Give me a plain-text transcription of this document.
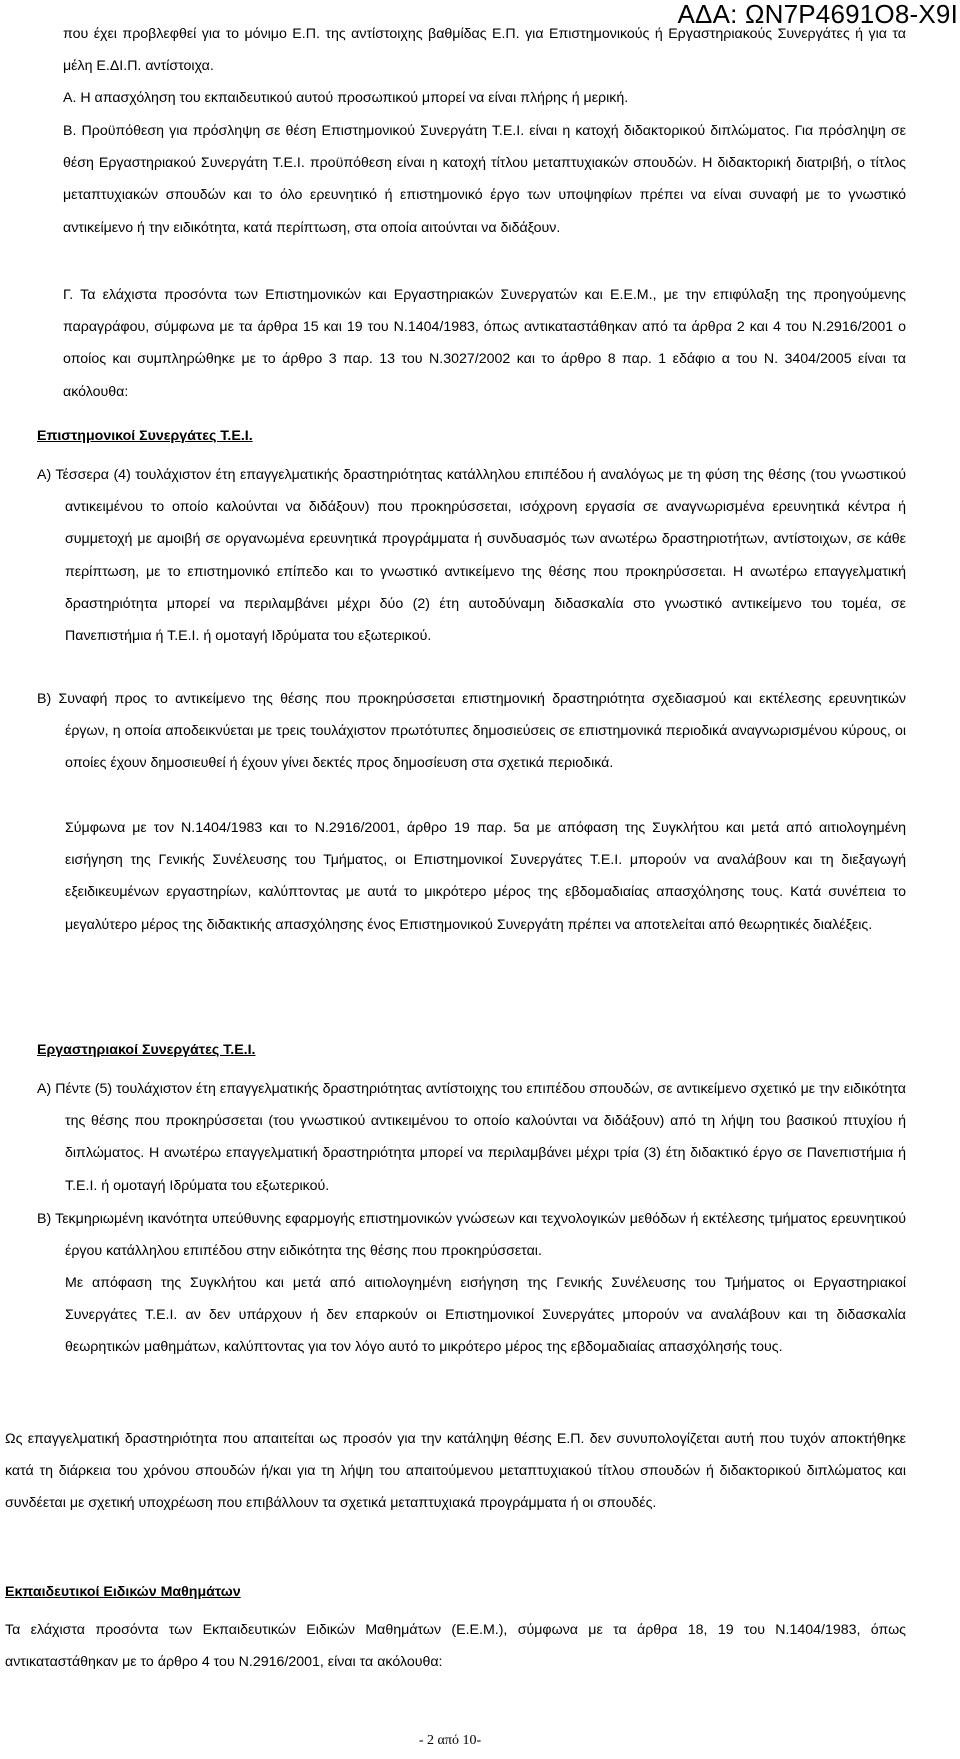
ΑΔΑ: ΩΝ7Ρ4691Ο8-Χ9Ι

που έχει προβλεφθεί για το μόνιμο Ε.Π. της αντίστοιχης βαθμίδας Ε.Π. για Επιστημονικούς ή Εργαστηριακούς Συνεργάτες ή για τα μέλη Ε.ΔΙ.Π. αντίστοιχα.

Α. Η απασχόληση του εκπαιδευτικού αυτού προσωπικού μπορεί να είναι πλήρης ή μερική.

Β. Προϋπόθεση για πρόσληψη σε θέση Επιστημονικού Συνεργάτη Τ.Ε.Ι. είναι η κατοχή διδακτορικού διπλώματος. Για πρόσληψη σε θέση Εργαστηριακού Συνεργάτη Τ.Ε.Ι. προϋπόθεση είναι η κατοχή τίτλου μεταπτυχιακών σπουδών. Η διδακτορική διατριβή, ο τίτλος μεταπτυχιακών σπουδών και το όλο ερευνητικό ή επιστημονικό έργο των υποψηφίων πρέπει να είναι συναφή με το γνωστικό αντικείμενο ή την ειδικότητα, κατά περίπτωση, στα οποία αιτούνται να διδάξουν.

Γ. Τα ελάχιστα προσόντα των Επιστημονικών και Εργαστηριακών Συνεργατών και Ε.Ε.Μ., με την επιφύλαξη της προηγούμενης παραγράφου, σύμφωνα με τα άρθρα 15 και 19 του Ν.1404/1983, όπως αντικαταστάθηκαν από τα άρθρα 2 και 4 του Ν.2916/2001 ο οποίος και συμπληρώθηκε με το άρθρο 3 παρ. 13 του Ν.3027/2002 και το άρθρο 8 παρ. 1 εδάφιο α του Ν. 3404/2005 είναι τα ακόλουθα:

Επιστημονικοί Συνεργάτες Τ.Ε.Ι.

Α) Τέσσερα (4) τουλάχιστον έτη επαγγελματικής δραστηριότητας κατάλληλου επιπέδου ή αναλόγως με τη φύση της θέσης (του γνωστικού αντικειμένου το οποίο καλούνται να διδάξουν) που προκηρύσσεται, ισόχρονη εργασία σε αναγνωρισμένα ερευνητικά κέντρα ή συμμετοχή με αμοιβή σε οργανωμένα ερευνητικά προγράμματα ή συνδυασμός των ανωτέρω δραστηριοτήτων, αντίστοιχων, σε κάθε περίπτωση, με το επιστημονικό επίπεδο και το γνωστικό αντικείμενο της θέσης που προκηρύσσεται. Η ανωτέρω επαγγελματική δραστηριότητα μπορεί να περιλαμβάνει μέχρι δύο (2) έτη αυτοδύναμη διδασκαλία στο γνωστικό αντικείμενο του τομέα, σε Πανεπιστήμια ή Τ.Ε.Ι. ή ομοταγή Ιδρύματα του εξωτερικού.

Β) Συναφή προς το αντικείμενο της θέσης που προκηρύσσεται επιστημονική δραστηριότητα σχεδιασμού και εκτέλεσης ερευνητικών έργων, η οποία αποδεικνύεται με τρεις τουλάχιστον πρωτότυπες δημοσιεύσεις σε επιστημονικά περιοδικά αναγνωρισμένου κύρους, οι οποίες έχουν δημοσιευθεί ή έχουν γίνει δεκτές προς δημοσίευση στα σχετικά περιοδικά.

Σύμφωνα με τον Ν.1404/1983 και το Ν.2916/2001, άρθρο 19 παρ. 5α με απόφαση της Συγκλήτου και μετά από αιτιολογημένη εισήγηση της Γενικής Συνέλευσης του Τμήματος, οι Επιστημονικοί Συνεργάτες Τ.Ε.Ι. μπορούν να αναλάβουν και τη διεξαγωγή εξειδικευμένων εργαστηρίων, καλύπτοντας με αυτά το μικρότερο μέρος της εβδομαδιαίας απασχόλησης τους. Κατά συνέπεια το μεγαλύτερο μέρος της διδακτικής απασχόλησης ένος Επιστημονικού Συνεργάτη πρέπει να αποτελείται από θεωρητικές διαλέξεις.

Εργαστηριακοί Συνεργάτες Τ.Ε.Ι.

Α) Πέντε (5) τουλάχιστον έτη επαγγελματικής δραστηριότητας αντίστοιχης του επιπέδου σπουδών, σε αντικείμενο σχετικό με την ειδικότητα της θέσης που προκηρύσσεται (του γνωστικού αντικειμένου το οποίο καλούνται να διδάξουν) από τη λήψη του βασικού πτυχίου ή διπλώματος. Η ανωτέρω επαγγελματική δραστηριότητα μπορεί να περιλαμβάνει μέχρι τρία (3) έτη διδακτικό έργο σε Πανεπιστήμια ή Τ.Ε.Ι. ή ομοταγή Ιδρύματα του εξωτερικού.

Β) Τεκμηριωμένη ικανότητα υπεύθυνης εφαρμογής επιστημονικών γνώσεων και τεχνολογικών μεθόδων ή εκτέλεσης τμήματος ερευνητικού έργου κατάλληλου επιπέδου στην ειδικότητα της θέσης που προκηρύσσεται.

Με απόφαση της Συγκλήτου και μετά από αιτιολογημένη εισήγηση της Γενικής Συνέλευσης του Τμήματος οι Εργαστηριακοί Συνεργάτες Τ.Ε.Ι. αν δεν υπάρχουν ή δεν επαρκούν οι Επιστημονικοί Συνεργάτες μπορούν να αναλάβουν και τη διδασκαλία θεωρητικών μαθημάτων, καλύπτοντας για τον λόγο αυτό το μικρότερο μέρος της εβδομαδιαίας απασχόλησής τους.

Ως επαγγελματική δραστηριότητα που απαιτείται ως προσόν για την κατάληψη θέσης Ε.Π. δεν συνυπολογίζεται αυτή που τυχόν αποκτήθηκε κατά τη διάρκεια του χρόνου σπουδών ή/και για τη λήψη του απαιτούμενου μεταπτυχιακού τίτλου σπουδών ή διδακτορικού διπλώματος και συνδέεται με σχετική υποχρέωση που επιβάλλουν τα σχετικά μεταπτυχιακά προγράμματα ή οι σπουδές.

Εκπαιδευτικοί Ειδικών Μαθημάτων

Τα ελάχιστα προσόντα των Εκπαιδευτικών Ειδικών Μαθημάτων (Ε.Ε.Μ.), σύμφωνα με τα άρθρα 18, 19 του Ν.1404/1983, όπως αντικαταστάθηκαν με το άρθρο 4 του Ν.2916/2001, είναι τα ακόλουθα:

- 2 από 10-
